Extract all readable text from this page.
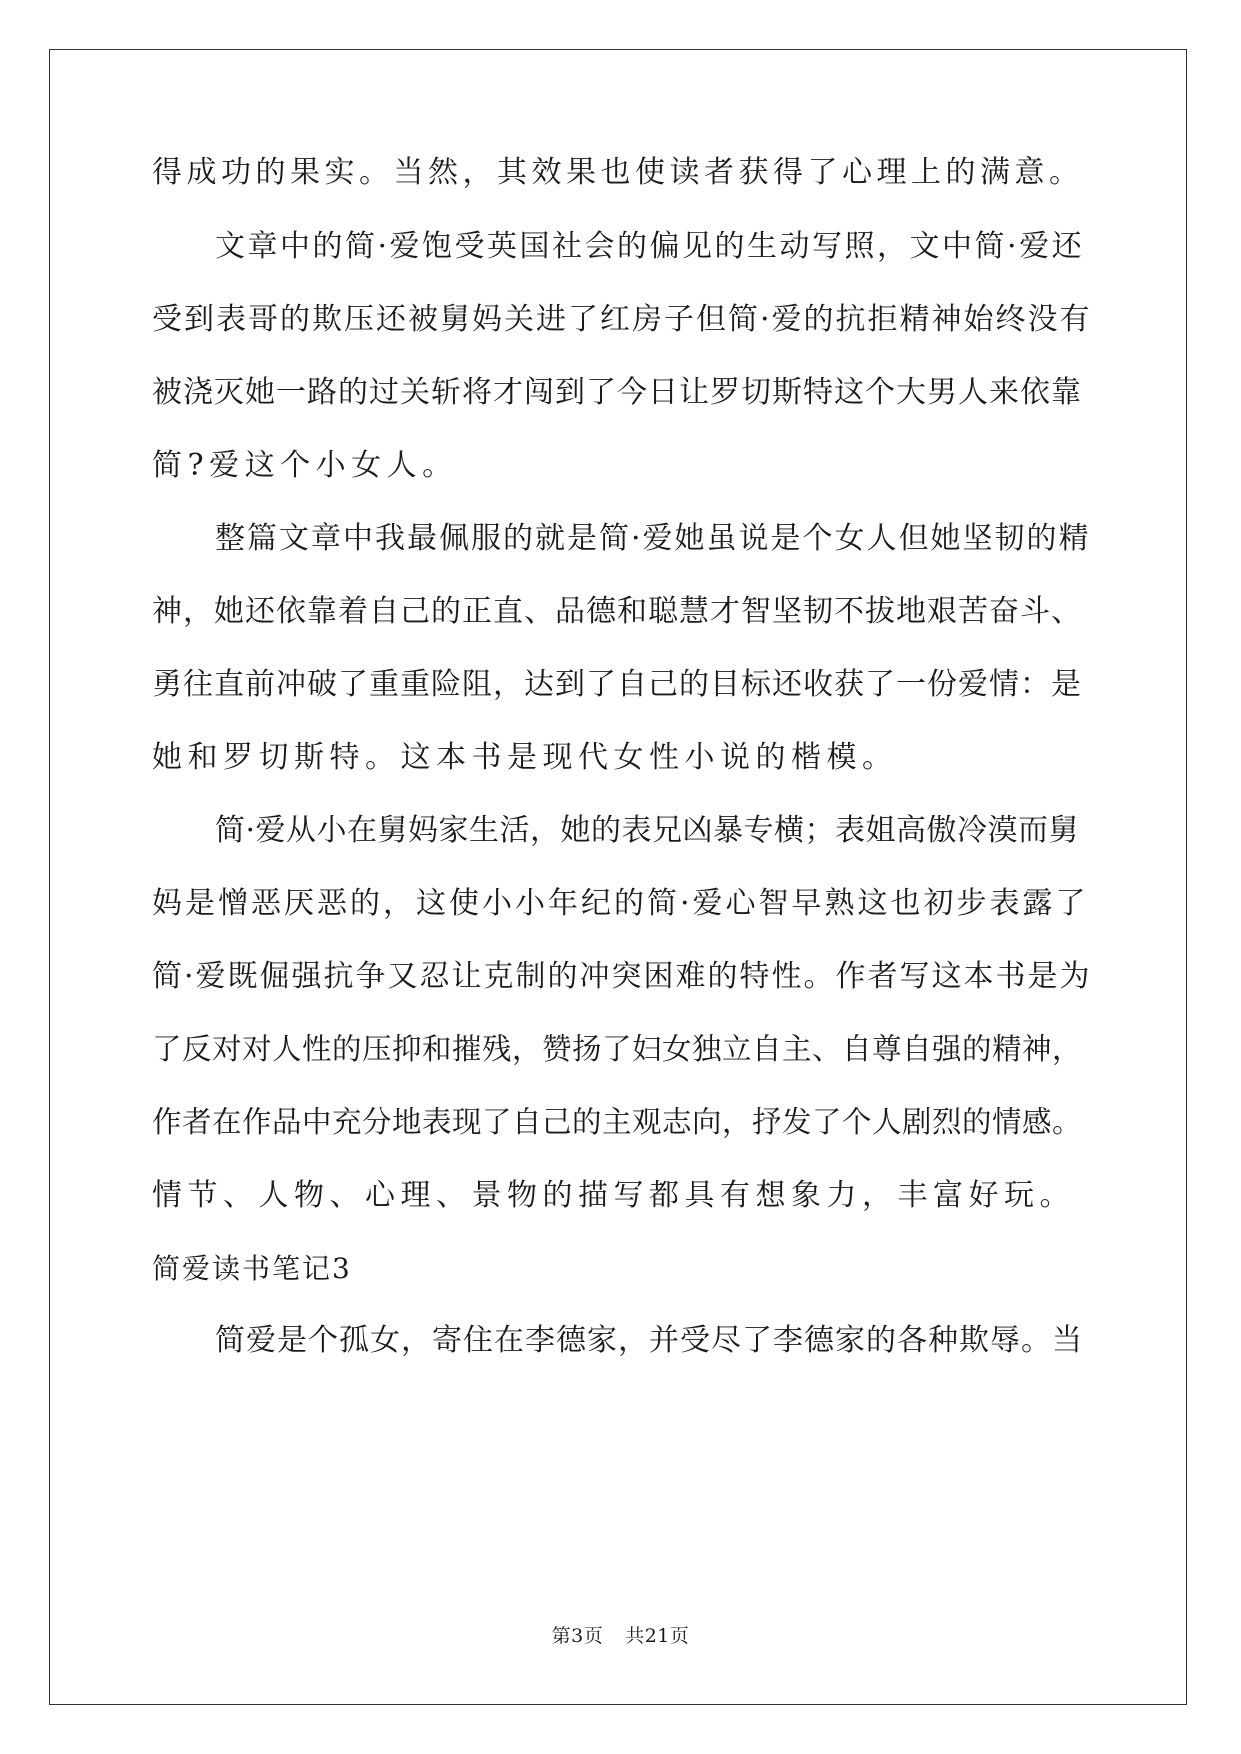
得成功的果实。当然，其效果也使读者获得了心理上的满意。
文章中的简·爱饱受英国社会的偏见的生动写照，文中简·爱还
受到表哥的欺压还被舅妈关进了红房子但简·爱的抗拒精神始终没有
被浇灭她一路的过关斩将才闯到了今日让罗切斯特这个大男人来依靠
简?爱这个小女人。
整篇文章中我最佩服的就是简·爱她虽说是个女人但她坚韧的精
神，她还依靠着自己的正直、品德和聪慧才智坚韧不拔地艰苦奋斗、
勇往直前冲破了重重险阻，达到了自己的目标还收获了一份爱情：是
她和罗切斯特。这本书是现代女性小说的楷模。
简·爱从小在舅妈家生活，她的表兄凶暴专横；表姐高傲冷漠而舅
妈是憎恶厌恶的，这使小小年纪的简·爱心智早熟这也初步表露了
简·爱既倔强抗争又忍让克制的冲突困难的特性。作者写这本书是为
了反对对人性的压抑和摧残，赞扬了妇女独立自主、自尊自强的精神，
作者在作品中充分地表现了自己的主观志向，抒发了个人剧烈的情感。
情节、人物、心理、景物的描写都具有想象力，丰富好玩。
简爱读书笔记3
简爱是个孤女，寄住在李德家，并受尽了李德家的各种欺辱。当
第3页 共21页
